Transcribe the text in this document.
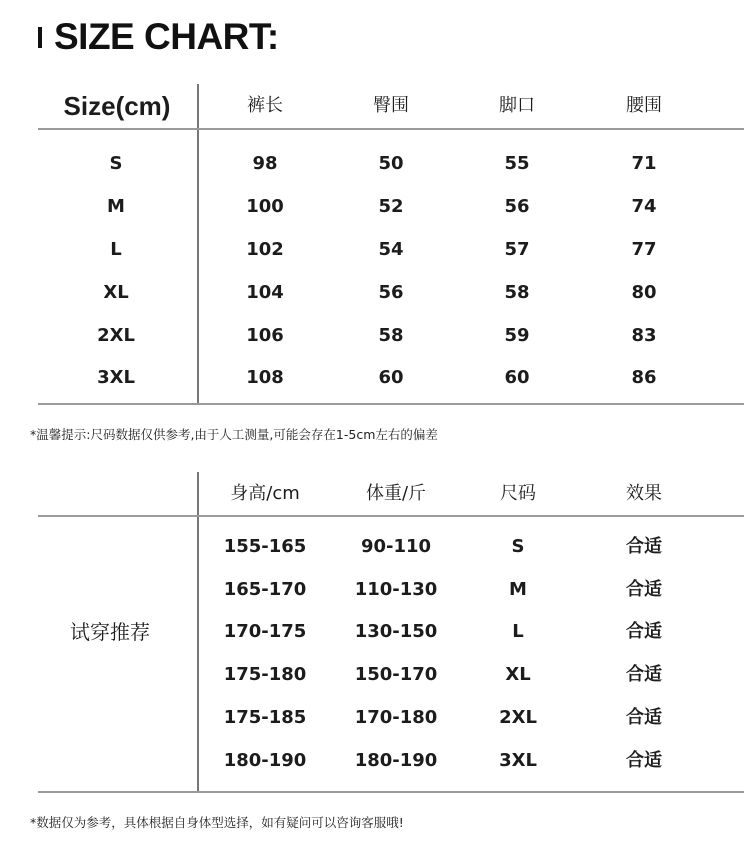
SIZE CHART:
Size(cm)	裤长	臀围	脚口	腰围
S	98	50	55	71
M	100	52	56	74
L	102	54	57	77
XL	104	56	58	80
2XL	106	58	59	83
3XL	108	60	60	86
*温馨提示:尺码数据仅供参考,由于人工测量,可能会存在1-5cm左右的偏差
身高/cm	体重/斤	尺码	效果
试穿推荐
155-165	90-110	S	合适
165-170	110-130	M	合适
170-175	130-150	L	合适
175-180	150-170	XL	合适
175-185	170-180	2XL	合适
180-190	180-190	3XL	合适
*数据仅为参考，具体根据自身体型选择，如有疑问可以咨询客服哦!
